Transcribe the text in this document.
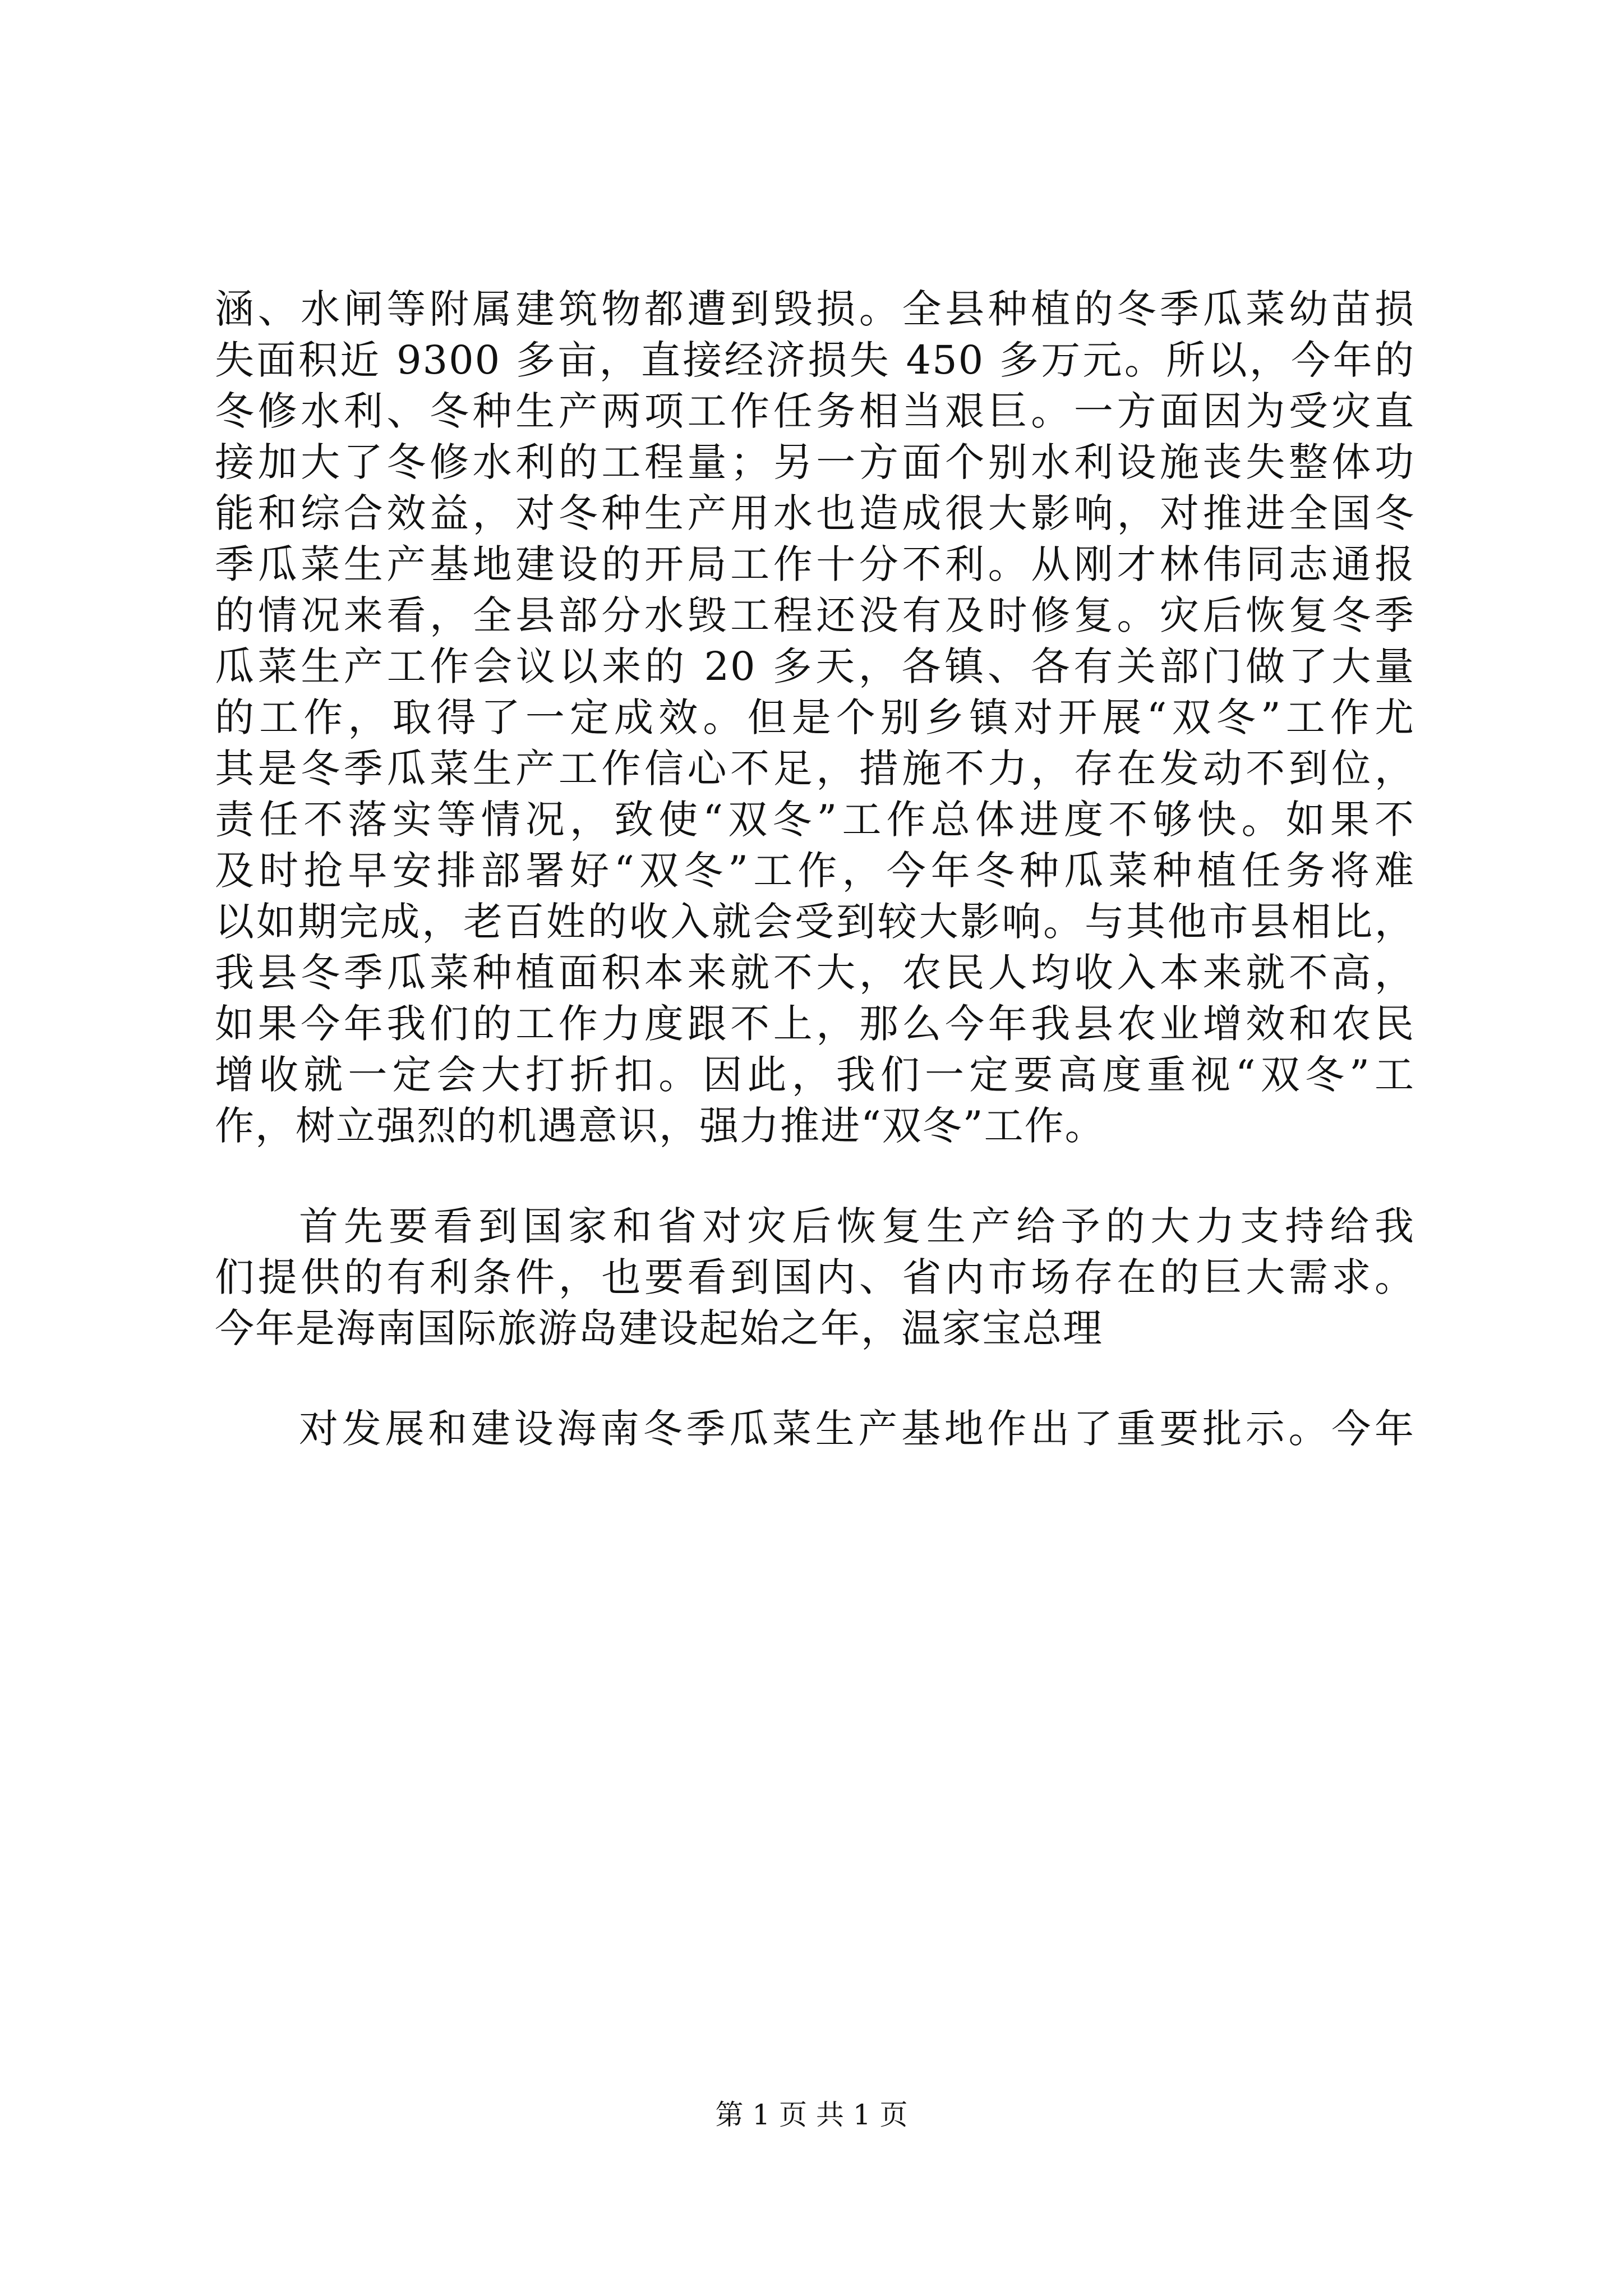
涵、水闸等附属建筑物都遭到毁损。全县种植的冬季瓜菜幼苗损

失面积近 9300 多亩，直接经济损失 450 多万元。所以，今年的

冬修水利、冬种生产两项工作任务相当艰巨。一方面因为受灾直

接加大了冬修水利的工程量；另一方面个别水利设施丧失整体功

能和综合效益，对冬种生产用水也造成很大影响，对推进全国冬

季瓜菜生产基地建设的开局工作十分不利。从刚才林伟同志通报

的情况来看，全县部分水毁工程还没有及时修复。灾后恢复冬季

瓜菜生产工作会议以来的 20 多天，各镇、各有关部门做了大量

的工作，取得了一定成效。但是个别乡镇对开展“双冬”工作尤

其是冬季瓜菜生产工作信心不足，措施不力，存在发动不到位，

责任不落实等情况，致使“双冬”工作总体进度不够快。如果不

及时抢早安排部署好“双冬”工作，今年冬种瓜菜种植任务将难

以如期完成，老百姓的收入就会受到较大影响。与其他市县相比，

我县冬季瓜菜种植面积本来就不大，农民人均收入本来就不高，

如果今年我们的工作力度跟不上，那么今年我县农业增效和农民

增收就一定会大打折扣。因此，我们一定要高度重视“双冬”工

作，树立强烈的机遇意识，强力推进“双冬”工作。

首先要看到国家和省对灾后恢复生产给予的大力支持给我

们提供的有利条件，也要看到国内、省内市场存在的巨大需求。

今年是海南国际旅游岛建设起始之年，温家宝总理

对发展和建设海南冬季瓜菜生产基地作出了重要批示。今年

第 1 页 共 1 页
